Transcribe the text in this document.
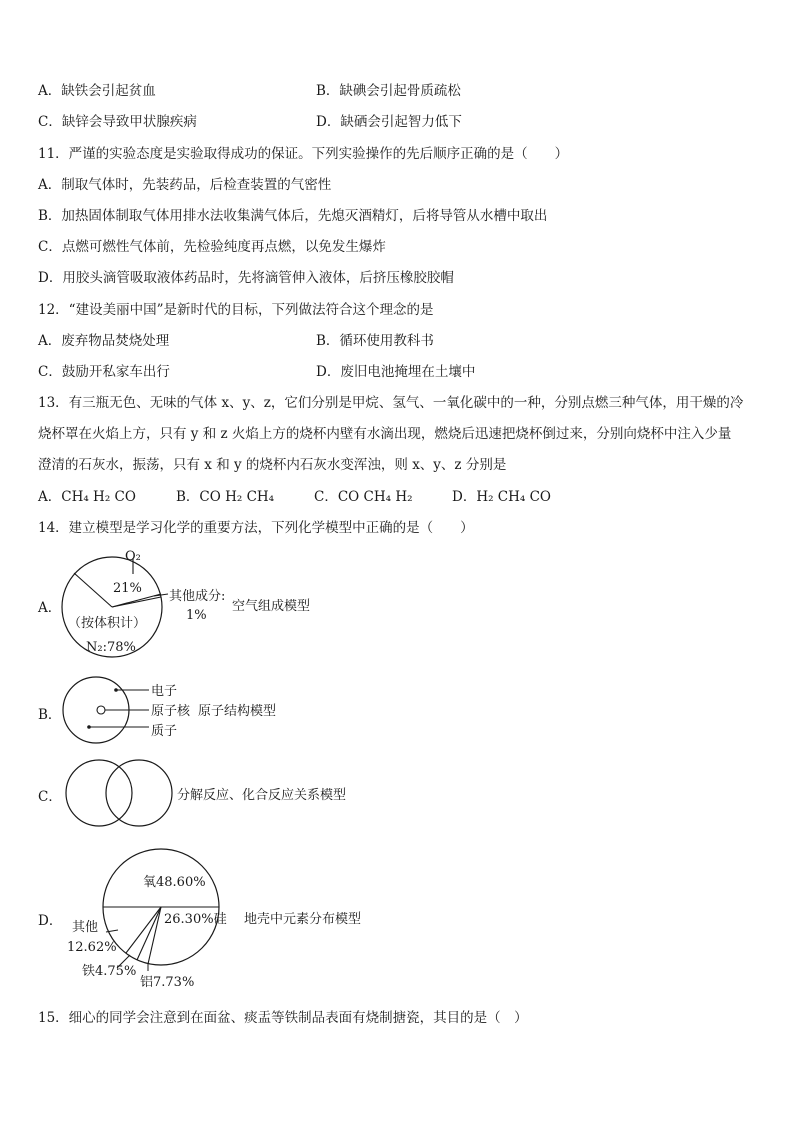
A．缺铁会引起贫血	B．缺碘会引起骨质疏松
C．缺锌会导致甲状腺疾病	D．缺硒会引起智力低下
11．严谨的实验态度是实验取得成功的保证。下列实验操作的先后顺序正确的是（　　）
A．制取气体时，先装药品，后检查装置的气密性
B．加热固体制取气体用排水法收集满气体后，先熄灭酒精灯，后将导管从水槽中取出
C．点燃可燃性气体前，先检验纯度再点燃，以免发生爆炸
D．用胶头滴管吸取液体药品时，先将滴管伸入液体，后挤压橡胶胶帽
12．“建设美丽中国”是新时代的目标，下列做法符合这个理念的是
A．废弃物品焚烧处理	B．循环使用教科书
C．鼓励开私家车出行	D．废旧电池掩埋在土壤中
13．有三瓶无色、无味的气体 x、y、z，它们分别是甲烷、氢气、一氧化碳中的一种，分别点燃三种气体，用干燥的冷
烧杯罩在火焰上方，只有 y 和 z 火焰上方的烧杯内壁有水滴出现，燃烧后迅速把烧杯倒过来，分别向烧杯中注入少量
澄清的石灰水，振荡，只有 x 和 y 的烧杯内石灰水变浑浊，则 x、y、z 分别是
A．CH₄ H₂ CO	B．CO H₂ CH₄	C．CO CH₄ H₂	D．H₂ CH₄ CO
14．建立模型是学习化学的重要方法，下列化学模型中正确的是（　　）
A．
O₂
21%
其他成分:
1%
（按体积计）
N₂:78%
空气组成模型
B．
电子
原子核 原子结构模型
质子
C．	分解反应、化合反应关系模型
D．
氧48.60%
26.30%硅
其他
12.62%
铁4.75%
铝7.73%
地壳中元素分布模型
15．细心的同学会注意到在面盆、痰盂等铁制品表面有烧制搪瓷，其目的是（　）
